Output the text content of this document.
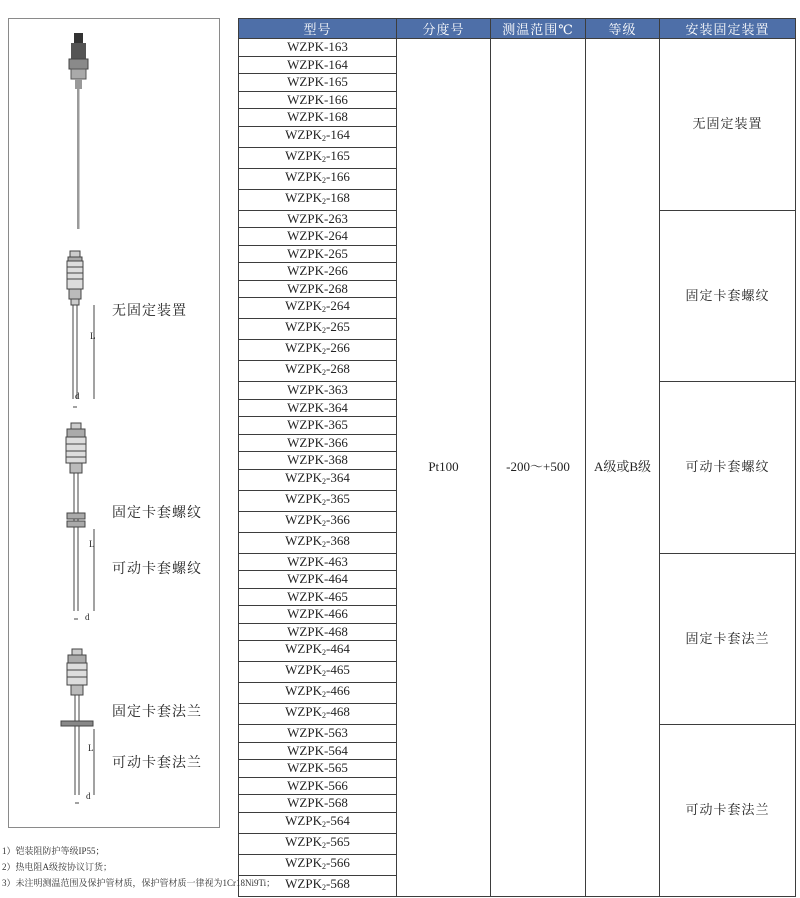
无固定装置
d
L
固定卡套螺纹
可动卡套螺纹
d
L
固定卡套法兰
可动卡套法兰
d
L
型号	分度号	测温范围℃	等级	安装固定装置
WZPK-163	Pt100	-200～+500	A级或B级	无固定装置
WZPK-164				
WZPK-165				
WZPK-166				
WZPK-168				
$WZPK_2-164$				
$WZPK_2-165$				
$WZPK_2-166$				
$WZPK_2-168$				
WZPK-263				固定卡套螺纹
WZPK-264				
WZPK-265				
WZPK-266				
WZPK-268				
$WZPK_2-264$				
$WZPK_2-265$				
$WZPK_2-266$				
$WZPK_2-268$				
WZPK-363				可动卡套螺纹
WZPK-364				
WZPK-365				
WZPK-366				
WZPK-368				
$WZPK_2-364$				
$WZPK_2-365$				
$WZPK_2-366$				
$WZPK_2-368$				
WZPK-463				固定卡套法兰
WZPK-464				
WZPK-465				
WZPK-466				
WZPK-468				
$WZPK_2-464$				
$WZPK_2-465$				
$WZPK_2-466$				
$WZPK_2-468$				
WZPK-563				可动卡套法兰
WZPK-564				
WZPK-565				
WZPK-566				
WZPK-568				
$WZPK_2-564$				
$WZPK_2-565$				
$WZPK_2-566$				
$WZPK_2-568$				
1）铠装阻防护等级IP55；
2）热电阻A级按协议订货；
3）未注明测温范围及保护管材质，保护管材质一律视为1Cr18Ni9Ti；
